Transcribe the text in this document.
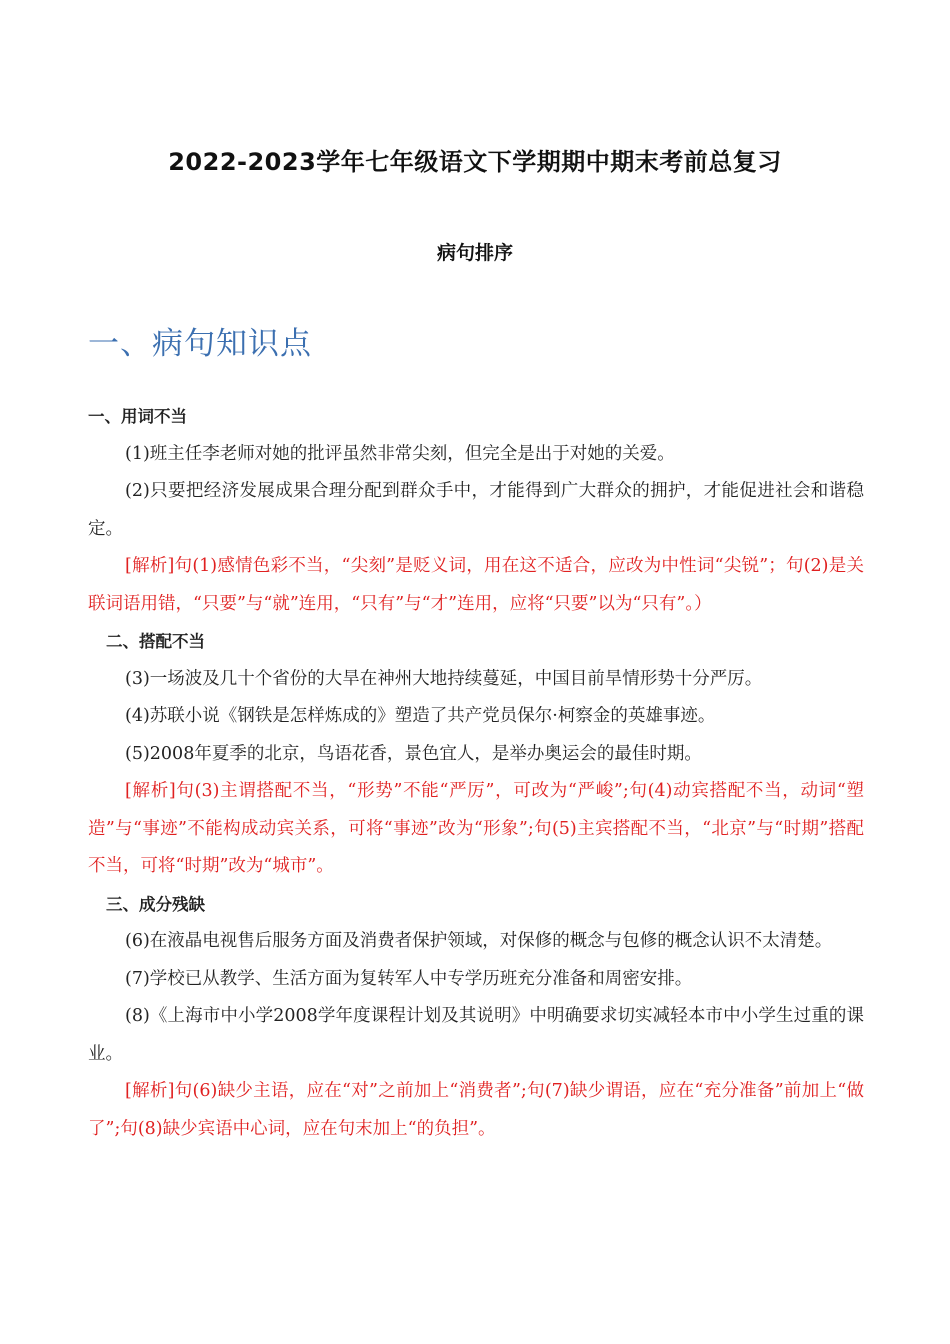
2022-2023学年七年级语文下学期期中期末考前总复习
病句排序
一、病句知识点

一、用词不当

(1)班主任李老师对她的批评虽然非常尖刻，但完全是出于对她的关爱。

(2)只要把经济发展成果合理分配到群众手中，才能得到广大群众的拥护，才能促进社会和谐稳定。

[解析]句(1)感情色彩不当，“尖刻”是贬义词，用在这不适合，应改为中性词“尖锐”；句(2)是关联词语用错，“只要”与“就”连用，“只有”与“才”连用，应将“只要”以为“只有”。）

二、搭配不当

(3)一场波及几十个省份的大旱在神州大地持续蔓延，中国目前旱情形势十分严厉。

(4)苏联小说《钢铁是怎样炼成的》塑造了共产党员保尔·柯察金的英雄事迹。

(5)2008年夏季的北京，鸟语花香，景色宜人，是举办奥运会的最佳时期。

[解析]句(3)主谓搭配不当，“形势”不能“严厉”，可改为“严峻”;句(4)动宾搭配不当，动词“塑造”与“事迹”不能构成动宾关系，可将“事迹”改为“形象”;句(5)主宾搭配不当，“北京”与“时期”搭配不当，可将“时期”改为“城市”。

三、成分残缺

(6)在液晶电视售后服务方面及消费者保护领域，对保修的概念与包修的概念认识不太清楚。

(7)学校已从教学、生活方面为复转军人中专学历班充分准备和周密安排。

(8)《上海市中小学2008学年度课程计划及其说明》中明确要求切实减轻本市中小学生过重的课业。

[解析]句(6)缺少主语，应在“对”之前加上“消费者”;句(7)缺少谓语，应在“充分准备”前加上“做了”;句(8)缺少宾语中心词，应在句末加上“的负担”。
